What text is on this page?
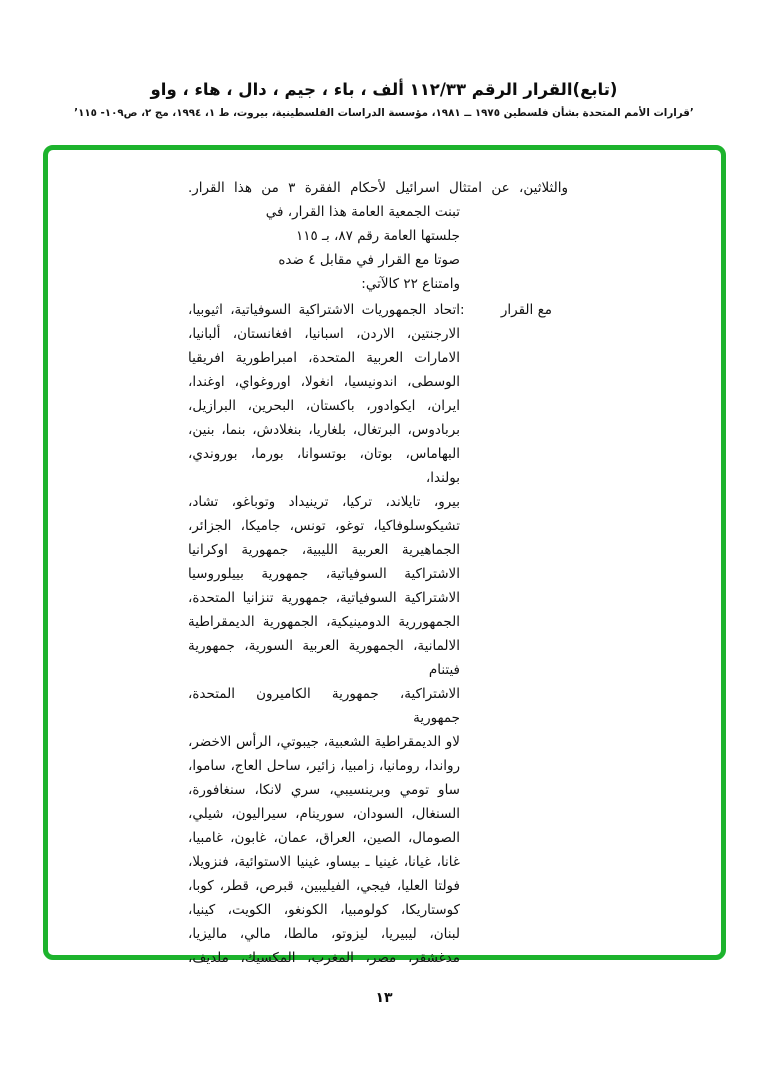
(تابع)القرار الرقم ١١٢/٣٣ ألف ، باء ، جيم ، دال ، هاء ، واو
’قرارات الأمم المتحدة بشأن فلسطين ١٩٧٥ ــ ١٩٨١، مؤسسة الدراسات الفلسطينية، بيروت، ط ١، ١٩٩٤، مج ٢، ص١٠٩- ١١٥’
والثلاثين، عن امتثال اسرائيل لأحكام الفقرة ٣ من هذا القرار.
تبنت الجمعية العامة هذا القرار، في
جلستها العامة رقم ٨٧، بـ ١١٥
صوتا مع القرار في مقابل ٤ ضده
وامتناع ٢٢ كالآتي:
مع القرار
:
اتحاد الجمهوريات الاشتراكية السوفياتية، اثيوبيا،
الارجنتين، الاردن، اسبانيا، افغانستان، ألبانيا،
الامارات العربية المتحدة، امبراطورية افريقيا
الوسطى، اندونيسيا، انغولا، اوروغواي، اوغندا،
ايران، ايكوادور، باكستان، البحرين، البرازيل،
بربادوس، البرتغال، بلغاريا، بنغلادش، بنما، بنين،
البهاماس، بوتان، بوتسوانا، بورما، بوروندي، بولندا،
بيرو، تايلاند، تركيا، ترينيداد وتوباغو، تشاد،
تشيكوسلوفاكيا، توغو، تونس، جاميكا، الجزائر،
الجماهيرية العربية الليبية، جمهورية اوكرانيا
الاشتراكية السوفياتية، جمهورية بييلوروسيا
الاشتراكية السوفياتية، جمهورية تنزانيا المتحدة،
الجمهوررية الدومينيكية، الجمهورية الديمقراطية
الالمانية، الجمهورية العربية السورية، جمهورية فيتنام
الاشتراكية، جمهورية الكاميرون المتحدة، جمهورية
لاو الديمقراطية الشعبية، جيبوتي، الرأس الاخضر،
رواندا، رومانيا، زامبيا، زائير، ساحل العاج، ساموا،
ساو تومي وبرينسيبي، سري لانكا، سنغافورة،
السنغال، السودان، سورينام، سيراليون، شيلي،
الصومال، الصين، العراق، عمان، غابون، غامبيا،
غانا، غيانا، غينيا ـ بيساو، غينيا الاستوائية، فنزويلا،
فولتا العليا، فيجي، الفيليبين، قبرص، قطر، كوبا،
كوستاريكا، كولومبيا، الكونغو، الكويت، كينيا،
لبنان، ليبيريا، ليزوتو، مالطا، مالي، ماليزيا،
مدغشقر، مصر، المغرب، المكسيك، ملديف،
١٣
